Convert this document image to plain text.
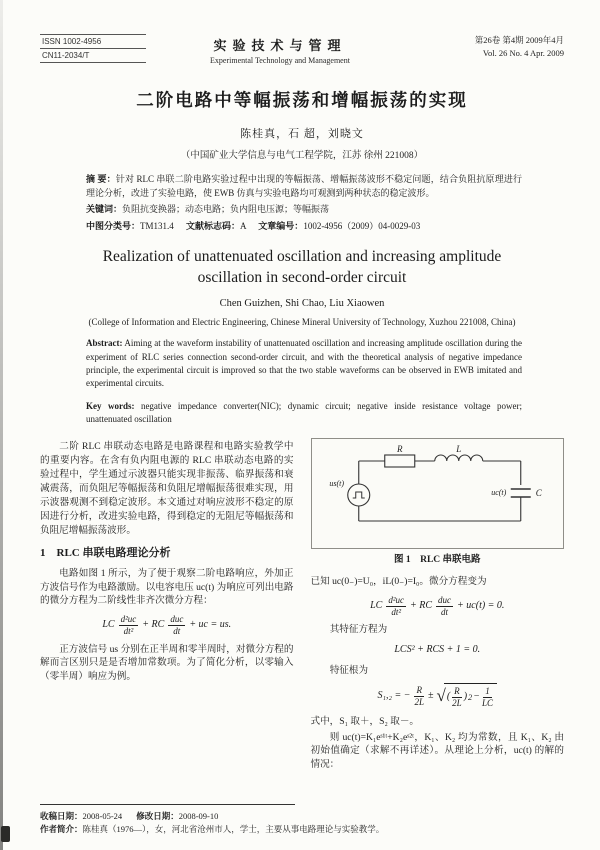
ISSN 1002-4956
CN11-2034/T
实验技术与管理
Experimental Technology and Management
第26卷 第4期 2009年4月
Vol. 26 No. 4 Apr. 2009
二阶电路中等幅振荡和增幅振荡的实现
陈桂真，石 超，刘晓文
（中国矿业大学信息与电气工程学院，江苏 徐州 221008）

摘 要：针对 RLC 串联二阶电路实验过程中出现的等幅振荡、增幅振荡波形不稳定问题，结合负阻抗原理进行理论分析，改进了实验电路，使 EWB 仿真与实验电路均可观测到两种状态的稳定波形。

关键词：负阻抗变换器；动态电路；负内阻电压源；等幅振荡

中图分类号：TM131.4 文献标志码：A 文章编号：1002-4956（2009）04-0029-03

Realization of unattenuated oscillation and increasing amplitude oscillation in second-order circuit
Chen Guizhen, Shi Chao, Liu Xiaowen
(College of Information and Electric Engineering, Chinese Mineral University of Technology, Xuzhou 221008, China)

Abstract: Aiming at the waveform instability of unattenuated oscillation and increasing amplitude oscillation during the experiment of RLC series connection second-order circuit, and with the theoretical analysis of negative impedance principle, the experimental circuit is improved so that the two stable waveforms can be observed in EWB imitated and experimental circuits.

Key words: negative impedance converter(NIC); dynamic circuit; negative inside resistance voltage power; unattenuated oscillation

二阶 RLC 串联动态电路是电路课程和电路实验教学中的重要内容。在含有负内阻电源的 RLC 串联动态电路的实验过程中，学生通过示波器只能实现非振荡、临界振荡和衰减震荡，而负阻尼等幅振荡和负阻尼增幅振荡很难实现，用示波器观测不到稳定波形。本文通过对响应波形不稳定的原因进行分析，改进实验电路，得到稳定的无阻尼等幅振荡和负阻尼增幅振荡波形。

1　RLC 串联电路理论分析

电路如图 1 所示，为了便于观察二阶电路响应，外加正方波信号作为电路激励。以电容电压 uc(t) 为响应可列出电路的微分方程为二阶线性非齐次微分方程：

LC $\frac{\text{d²uc}}{\text{dt²}}$ + RC $\frac{\text{duc}}{dt}$ + uc = us.

正方波信号 us 分别在正半周和零半周时，对微分方程的解而言区别只是是否增加常数项。为了简化分析，以零输入（零半周）响应为例。

R	L
C
us(t)
uc(t)
图 1　RLC 串联电路

已知 uc(0₋)=U₀，iL(0₋)=I₀。微分方程变为

LC $\frac{\text{d²uc}}{\text{dt²}}$ + RC $\frac{\text{duc}}{dt} + uc(t) = 0$.

其特征方程为

LCS² + RCS + 1 = 0.

特征根为

S₁,₂ = − $\frac{R}{2L}$ ± √ ( $\frac{R}{2L}$ ) $2 - \frac{1}{LC}$

式中，S₁ 取＋，S₂ 取－。

则 uc(t)=K₁eˢ¹ᵗ+K₂eˢ²ᵗ，K₁、K₂ 均为常数，且 K₁、K₂ 由初始值确定（求解不再详述）。从理论上分析，uc(t) 的解的情况：

收稿日期：2008-05-24 修改日期：2008-09-10

作者简介：陈桂真（1976—），女，河北省沧州市人，学士，主要从事电路理论与实验教学。
